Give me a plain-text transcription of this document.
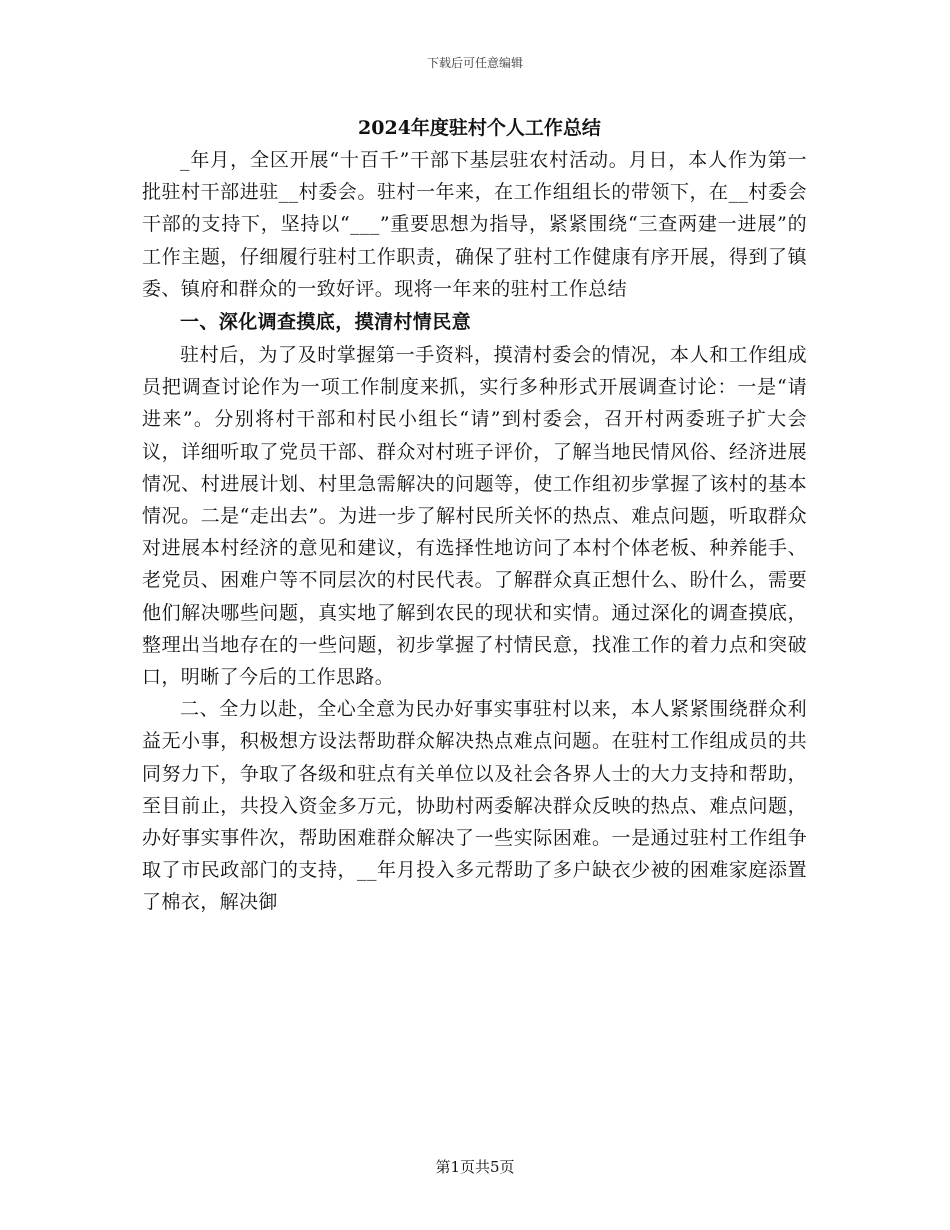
下载后可任意编辑
2024年度驻村个人工作总结

_年月，全区开展“十百千”干部下基层驻农村活动。月日，本人作为第一批驻村干部进驻__村委会。驻村一年来，在工作组组长的带领下，在__村委会干部的支持下，坚持以“___”重要思想为指导，紧紧围绕“三查两建一进展”的工作主题，仔细履行驻村工作职责，确保了驻村工作健康有序开展，得到了镇委、镇府和群众的一致好评。现将一年来的驻村工作总结

一、深化调查摸底，摸清村情民意

驻村后，为了及时掌握第一手资料，摸清村委会的情况，本人和工作组成员把调查讨论作为一项工作制度来抓，实行多种形式开展调查讨论：一是“请进来”。分别将村干部和村民小组长“请”到村委会，召开村两委班子扩大会议，详细听取了党员干部、群众对村班子评价，了解当地民情风俗、经济进展情况、村进展计划、村里急需解决的问题等，使工作组初步掌握了该村的基本情况。二是“走出去”。为进一步了解村民所关怀的热点、难点问题，听取群众对进展本村经济的意见和建议，有选择性地访问了本村个体老板、种养能手、老党员、困难户等不同层次的村民代表。了解群众真正想什么、盼什么，需要他们解决哪些问题，真实地了解到农民的现状和实情。通过深化的调查摸底，整理出当地存在的一些问题，初步掌握了村情民意，找准工作的着力点和突破口，明晰了今后的工作思路。

二、全力以赴，全心全意为民办好事实事驻村以来，本人紧紧围绕群众利益无小事，积极想方设法帮助群众解决热点难点问题。在驻村工作组成员的共同努力下，争取了各级和驻点有关单位以及社会各界人士的大力支持和帮助，至目前止，共投入资金多万元，协助村两委解决群众反映的热点、难点问题，办好事实事件次，帮助困难群众解决了一些实际困难。一是通过驻村工作组争取了市民政部门的支持，__年月投入多元帮助了多户缺衣少被的困难家庭添置了棉衣，解决御

第1页共5页
